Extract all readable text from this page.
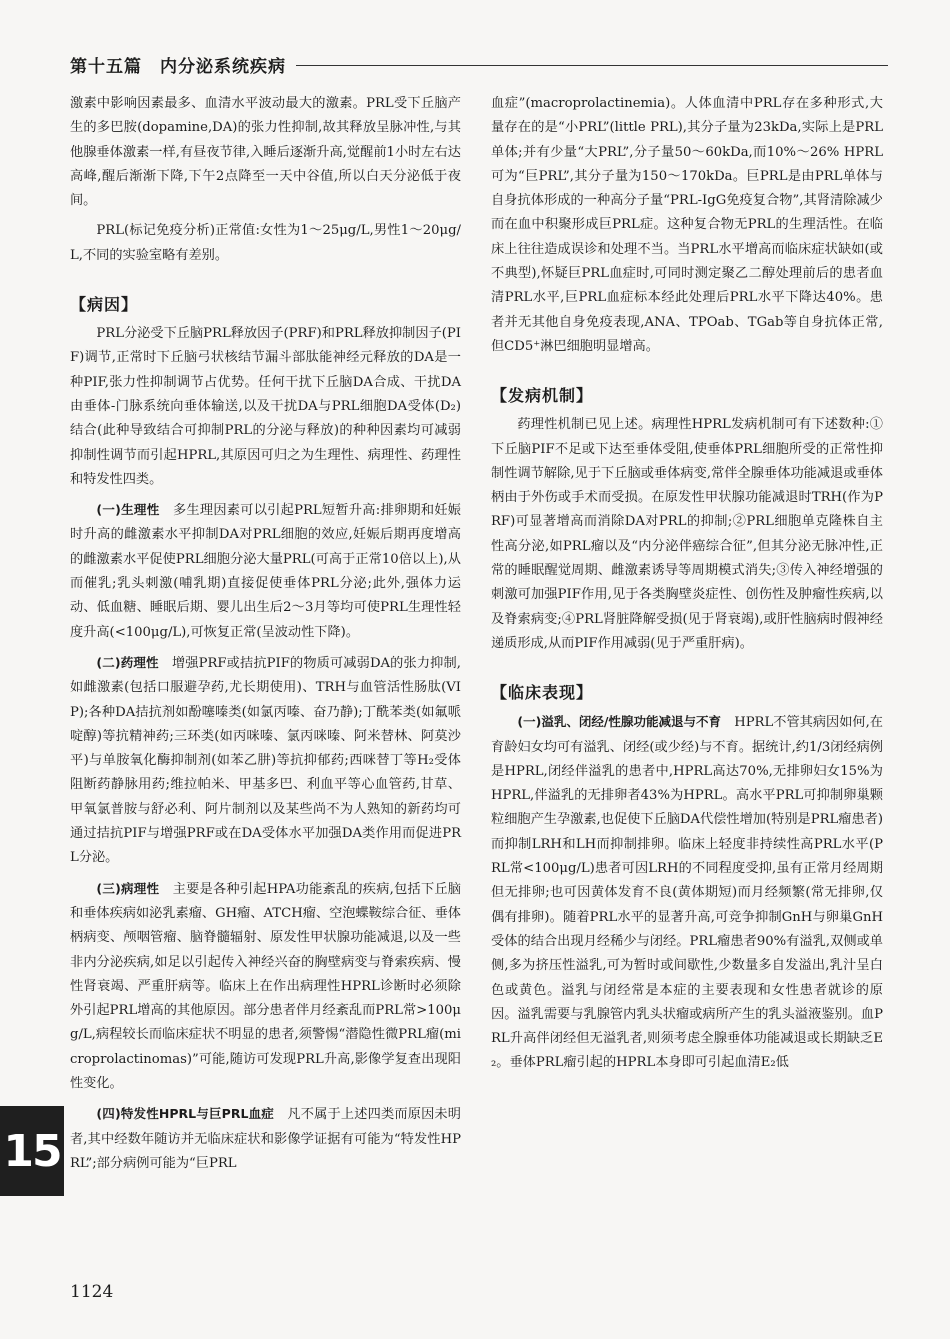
第十五篇　内分泌系统疾病

激素中影响因素最多、血清水平波动最大的激素。PRL受下丘脑产生的多巴胺(dopamine,DA)的张力性抑制,故其释放呈脉冲性,与其他腺垂体激素一样,有昼夜节律,入睡后逐渐升高,觉醒前1小时左右达高峰,醒后渐渐下降,下午2点降至一天中谷值,所以白天分泌低于夜间。

PRL(标记免疫分析)正常值:女性为1～25μg/L,男性1～20μg/L,不同的实验室略有差别。

【病因】

PRL分泌受下丘脑PRL释放因子(PRF)和PRL释放抑制因子(PIF)调节,正常时下丘脑弓状核结节漏斗部肽能神经元释放的DA是一种PIF,张力性抑制调节占优势。任何干扰下丘脑DA合成、干扰DA由垂体-门脉系统向垂体输送,以及干扰DA与PRL细胞DA受体(D₂)结合(此种导致结合可抑制PRL的分泌与释放)的种种因素均可减弱抑制性调节而引起HPRL,其原因可归之为生理性、病理性、药理性和特发性四类。

(一)生理性　 多生理因素可以引起PRL短暂升高:排卵期和妊娠时升高的雌激素水平抑制DA对PRL细胞的效应,妊娠后期再度增高的雌激素水平促使PRL细胞分泌大量PRL(可高于正常10倍以上),从而催乳;乳头刺激(哺乳期)直接促使垂体PRL分泌;此外,强体力运动、低血糖、睡眠后期、婴儿出生后2～3月等均可使PRL生理性轻度升高(<100μg/L),可恢复正常(呈波动性下降)。

(二)药理性　 增强PRF或拮抗PIF的物质可减弱DA的张力抑制,如雌激素(包括口服避孕药,尤长期使用)、TRH与血管活性肠肽(VIP);各种DA拮抗剂如酚噻嗪类(如氯丙嗪、奋乃静);丁酰苯类(如氟哌啶醇)等抗精神药;三环类(如丙咪嗪、氯丙咪嗪、阿米替林、阿莫沙平)与单胺氧化酶抑制剂(如苯乙肼)等抗抑郁药;西咪替丁等H₂受体阻断药静脉用药;维拉帕米、甲基多巴、利血平等心血管药,甘草、甲氧氯普胺与舒必利、阿片制剂以及某些尚不为人熟知的新药均可通过拮抗PIF与增强PRF或在DA受体水平加强DA类作用而促进PRL分泌。

(三)病理性　 主要是各种引起HPA功能紊乱的疾病,包括下丘脑和垂体疾病如泌乳素瘤、GH瘤、ATCH瘤、空泡蝶鞍综合征、垂体柄病变、颅咽管瘤、脑脊髓辐射、原发性甲状腺功能减退,以及一些非内分泌疾病,如足以引起传入神经兴奋的胸壁病变与脊索疾病、慢性肾衰竭、严重肝病等。临床上在作出病理性HPRL诊断时必须除外引起PRL增高的其他原因。部分患者伴月经紊乱而PRL常>100μg/L,病程较长而临床症状不明显的患者,须警惕“潜隐性微PRL瘤(microprolactinomas)”可能,随访可发现PRL升高,影像学复查出现阳性变化。

(四)特发性HPRL与巨PRL血症　 凡不属于上述四类而原因未明者,其中经数年随访并无临床症状和影像学证据有可能为“特发性HPRL”;部分病例可能为“巨PRL

血症”(macroprolactinemia)。人体血清中PRL存在多种形式,大量存在的是“小PRL”(little PRL),其分子量为23kDa,实际上是PRL单体;并有少量“大PRL”,分子量50～60kDa,而10%～26% HPRL可为“巨PRL”,其分子量为150～170kDa。巨PRL是由PRL单体与自身抗体形成的一种高分子量“PRL-IgG免疫复合物”,其肾清除减少而在血中积聚形成巨PRL症。这种复合物无PRL的生理活性。在临床上往往造成误诊和处理不当。当PRL水平增高而临床症状缺如(或不典型),怀疑巨PRL血症时,可同时测定聚乙二醇处理前后的患者血清PRL水平,巨PRL血症标本经此处理后PRL水平下降达40%。患者并无其他自身免疫表现,ANA、TPOab、TGab等自身抗体正常,但CD5⁺淋巴细胞明显增高。

【发病机制】

药理性机制已见上述。病理性HPRL发病机制可有下述数种:①下丘脑PIF不足或下达至垂体受阻,使垂体PRL细胞所受的正常性抑制性调节解除,见于下丘脑或垂体病变,常伴全腺垂体功能减退或垂体柄由于外伤或手术而受损。在原发性甲状腺功能减退时TRH(作为PRF)可显著增高而消除DA对PRL的抑制;②PRL细胞单克隆株自主性高分泌,如PRL瘤以及“内分泌伴癌综合征”,但其分泌无脉冲性,正常的睡眠醒觉周期、雌激素诱导等周期模式消失;③传入神经增强的刺激可加强PIF作用,见于各类胸壁炎症性、创伤性及肿瘤性疾病,以及脊索病变;④PRL肾脏降解受损(见于肾衰竭),或肝性脑病时假神经递质形成,从而PIF作用减弱(见于严重肝病)。

【临床表现】

(一)溢乳、闭经/性腺功能减退与不育　 HPRL不管其病因如何,在育龄妇女均可有溢乳、闭经(或少经)与不育。据统计,约1/3闭经病例是HPRL,闭经伴溢乳的患者中,HPRL高达70%,无排卵妇女15%为HPRL,伴溢乳的无排卵者43%为HPRL。高水平PRL可抑制卵巢颗粒细胞产生孕激素,也促使下丘脑DA代偿性增加(特别是PRL瘤患者)而抑制LRH和LH而抑制排卵。临床上轻度非持续性高PRL水平(PRL常<100μg/L)患者可因LRH的不同程度受抑,虽有正常月经周期但无排卵;也可因黄体发育不良(黄体期短)而月经频繁(常无排卵,仅偶有排卵)。随着PRL水平的显著升高,可竞争抑制GnH与卵巢GnH受体的结合出现月经稀少与闭经。PRL瘤患者90%有溢乳,双侧或单侧,多为挤压性溢乳,可为暂时或间歇性,少数量多自发溢出,乳汁呈白色或黄色。溢乳与闭经常是本症的主要表现和女性患者就诊的原因。溢乳需要与乳腺管内乳头状瘤或病所产生的乳头溢液鉴别。血PRL升高伴闭经但无溢乳者,则须考虑全腺垂体功能减退或长期缺乏E₂。垂体PRL瘤引起的HPRL本身即可引起血清E₂低

15
1124
